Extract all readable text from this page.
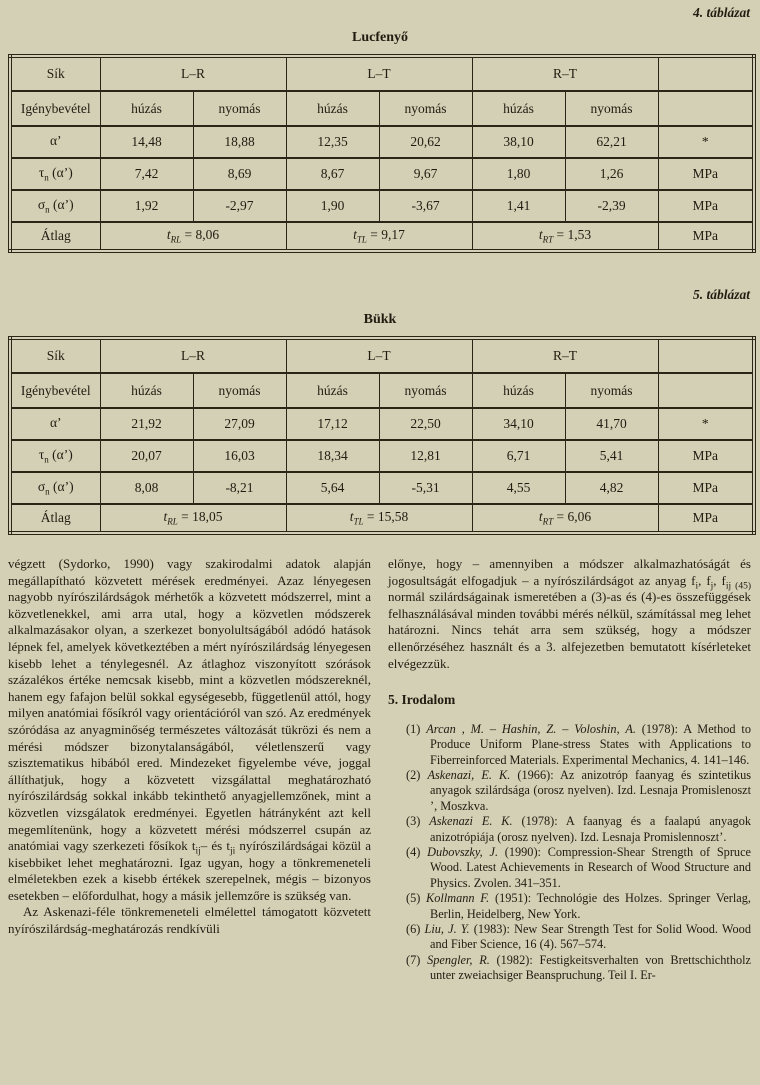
4. táblázat
Lucfenyő
Sík	L–R		L–T		R–T		
Igénybevétel	húzás	nyomás	húzás	nyomás	húzás	nyomás	
α’	14,48	18,88	12,35	20,62	38,10	62,21	*
$\tau_n$ (α’)	7,42	8,69	8,67	9,67	1,80	1,26	MPa
$\sigma_n$ (α’)	1,92	-2,97	1,90	-3,67	1,41	-2,39	MPa
Átlag	$t_{RL} = 8,06$		$t_{TL} = 9,17$		$t_{RT} = 1,53$		MPa
5. táblázat
Bükk
Sík	L–R		L–T		R–T		
Igénybevétel	húzás	nyomás	húzás	nyomás	húzás	nyomás	
α’	21,92	27,09	17,12	22,50	34,10	41,70	*
$\tau_n$ (α’)	20,07	16,03	18,34	12,81	6,71	5,41	MPa
$\sigma_n$ (α’)	8,08	-8,21	5,64	-5,31	4,55	4,82	MPa
Átlag	$t_{RL} = 18,05$		$t_{TL} = 15,58$		$t_{RT} = 6,06$		MPa

végzett (Sydorko, 1990) vagy szakirodalmi adatok alapján megállapítható közvetett mérések eredményei. Azaz lényegesen nagyobb nyírószilárdságok mérhetők a közvetett módszerrel, mint a közvetlenekkel, ami arra utal, hogy a közvetlen módszerek alkalmazásakor olyan, a szerkezet bonyolultságából adódó hatások lépnek fel, amelyek következtében a mért nyírószilárdság lényegesen kisebb lehet a ténylegesnél. Az átlaghoz viszonyított szórások százalékos értéke nemcsak kisebb, mint a közvetlen módszereknél, hanem egy fafajon belül sokkal egységesebb, függetlenül attól, hogy milyen anatómiai fősíkról vagy orientációról van szó. Az eredmények szóródása az anyagminőség természetes változását tükrözi és nem a mérési módszer bizonytalanságából, véletlenszerű vagy szisztematikus hibából ered. Mindezeket figyelembe véve, joggal állíthatjuk, hogy a közvetett vizsgálattal meghatározható nyírószilárdság sokkal inkább tekinthető anyagjellemzőnek, mint a közvetlen vizsgálatok eredményei. Egyetlen hátrányként azt kell megemlítenünk, hogy a közvetett mérési módszerrel csupán az anatómiai vagy szerkezeti fősíkok $t_{ij}-$ és $t_{ji}$ nyírószilárdságai közül a kisebbiket lehet meghatározni. Igaz ugyan, hogy a tönkremeneteli elméletekben ezek a kisebb értékek szerepelnek, mégis – bizonyos esetekben – előfordulhat, hogy a másik jellemzőre is szükség van.

Az Askenazi-féle tönkremeneteli elmélettel támogatott közvetett nyírószilárdság-meghatározás rendkívüli

előnye, hogy – amennyiben a módszer alkalmazhatóságát és jogosultságát elfogadjuk – a nyírószilárdságot az anyag $f_i$, $f_j$, $f_{ij (45)}$ normál szilárdságainak ismeretében a (3)-as és (4)-es összefüggések felhasználásával minden további mérés nélkül, számítással meg lehet határozni. Nincs tehát arra sem szükség, hogy a módszer ellenőrzéséhez használt és a 3. alfejezetben bemutatott kísérleteket elvégezzük.

5. Irodalom
(1) Arcan , M. – Hashin, Z. – Voloshin, A. (1978): A Method to Produce Uniform Plane-stress States with Applications to Fiberreinforced Materials. Experimental Mechanics, 4. 141–146.
(2) Askenazi, E. K. (1966): Az anizotróp faanyag és szintetikus anyagok szilárdsága (orosz nyelven). Izd. Lesnaja Promislenoszt ’, Moszkva.
(3) Askenazi E. K. (1978): A faanyag és a faalapú anyagok anizotrópiája (orosz nyelven). Izd. Lesnaja Promislennoszt’.
(4) Dubovszky, J. (1990): Compression-Shear Strength of Spruce Wood. Latest Achievements in Research of Wood Structure and Physics. Zvolen. 341–351.
(5) Kollmann F. (1951): Technológie des Holzes. Springer Verlag, Berlin, Heidelberg, New York.
(6) Liu, J. Y. (1983): New Sear Strength Test for Solid Wood. Wood and Fiber Science, 16 (4). 567–574.
(7) Spengler, R. (1982): Festigkeitsverhalten von Brettschichtholz unter zweiachsiger Beanspruchung. Teil I. Er-
